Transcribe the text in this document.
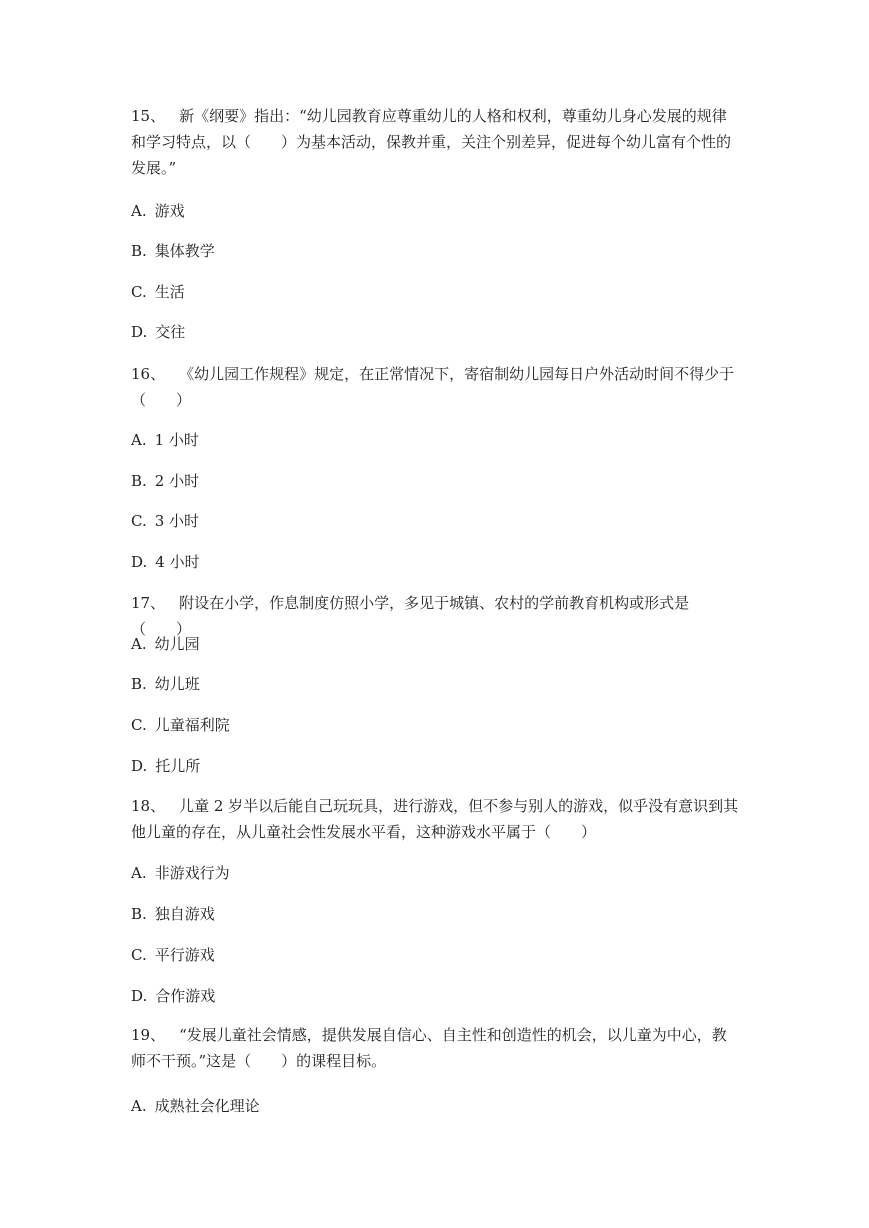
15、 新《纲要》指出：“幼儿园教育应尊重幼儿的人格和权利，尊重幼儿身心发展的规律和学习特点，以（　　）为基本活动，保教并重，关注个别差异，促进每个幼儿富有个性的发展。”

A. 游戏

B. 集体教学

C. 生活

D. 交往

16、 《幼儿园工作规程》规定，在正常情况下，寄宿制幼儿园每日户外活动时间不得少于（　　）

A. 1 小时

B. 2 小时

C. 3 小时

D. 4 小时

17、 附设在小学，作息制度仿照小学，多见于城镇、农村的学前教育机构或形式是（　　）

A. 幼儿园

B. 幼儿班

C. 儿童福利院

D. 托儿所

18、 儿童 2 岁半以后能自己玩玩具，进行游戏，但不参与别人的游戏，似乎没有意识到其他儿童的存在，从儿童社会性发展水平看，这种游戏水平属于（　　）

A. 非游戏行为

B. 独自游戏

C. 平行游戏

D. 合作游戏

19、 “发展儿童社会情感，提供发展自信心、自主性和创造性的机会，以儿童为中心，教师不干预。”这是（　　）的课程目标。

A. 成熟社会化理论
